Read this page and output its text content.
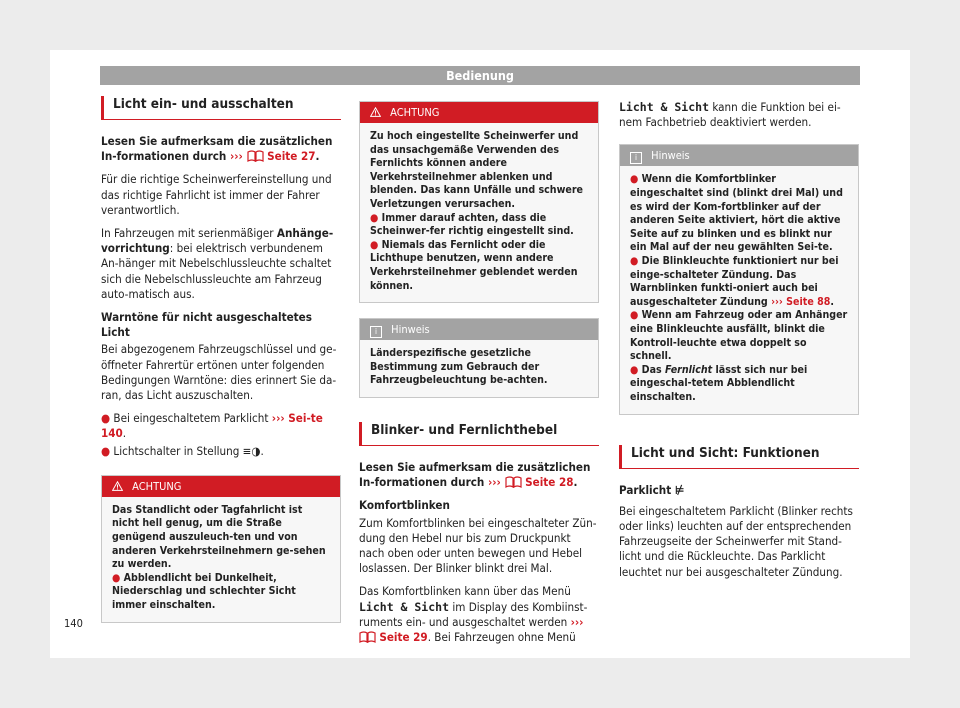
Bedienung
Licht ein- und ausschalten

Lesen Sie aufmerksam die zusätzlichen In-formationen durch ››› Seite 27.

Für die richtige Scheinwerfereinstellung und das richtige Fahrlicht ist immer der Fahrer verantwortlich.

In Fahrzeugen mit serienmäßiger Anhänge-vorrichtung: bei elektrisch verbundenem An-hänger mit Nebelschlussleuchte schaltet sich die Nebelschlussleuchte am Fahrzeug auto-matisch aus.

Warntöne für nicht ausgeschaltetes Licht

Bei abgezogenem Fahrzeugschlüssel und ge-öffneter Fahrertür ertönen unter folgenden Bedingungen Warntöne: dies erinnert Sie da-ran, das Licht auszuschalten.

● Bei eingeschaltetem Parklicht ››› Sei-te 140.

● Lichtschalter in Stellung ≡◑.

ACHTUNG
Das Standlicht oder Tagfahrlicht ist nicht hell genug, um die Straße genügend auszuleuch-ten und von anderen Verkehrsteilnehmern ge-sehen zu werden.
● Abblendlicht bei Dunkelheit, Niederschlag und schlechter Sicht immer einschalten.
ACHTUNG
Zu hoch eingestellte Scheinwerfer und das unsachgemäße Verwenden des Fernlichts können andere Verkehrsteilnehmer ablenken und blenden. Das kann Unfälle und schwere Verletzungen verursachen.
● Immer darauf achten, dass die Scheinwer-fer richtig eingestellt sind.
● Niemals das Fernlicht oder die Lichthupe benutzen, wenn andere Verkehrsteilnehmer geblendet werden können.
i Hinweis
Länderspezifische gesetzliche Bestimmung zum Gebrauch der Fahrzeugbeleuchtung be-achten.
Blinker- und Fernlichthebel

Lesen Sie aufmerksam die zusätzlichen In-formationen durch ››› Seite 28.

Komfortblinken

Zum Komfortblinken bei eingeschalteter Zün-dung den Hebel nur bis zum Druckpunkt nach oben oder unten bewegen und Hebel loslassen. Der Blinker blinkt drei Mal.

Das Komfortblinken kann über das Menü Licht & Sicht im Display des Kombiinst-ruments ein- und ausgeschaltet werden ›››  Seite 29. Bei Fahrzeugen ohne Menü

Licht & Sicht kann die Funktion bei ei-nem Fachbetrieb deaktiviert werden.

i Hinweis
● Wenn die Komfortblinker eingeschaltet sind (blinkt drei Mal) und es wird der Kom-fortblinker auf der anderen Seite aktiviert, hört die aktive Seite auf zu blinken und es blinkt nur ein Mal auf der neu gewählten Sei-te.
● Die Blinkleuchte funktioniert nur bei einge-schalteter Zündung. Das Warnblinken funkti-oniert auch bei ausgeschalteter Zündung ››› Seite 88.
● Wenn am Fahrzeug oder am Anhänger eine Blinkleuchte ausfällt, blinkt die Kontroll-leuchte etwa doppelt so schnell.
● Das Fernlicht lässt sich nur bei eingeschal-tetem Abblendlicht einschalten.
Licht und Sicht: Funktionen

Parklicht ⊭

Bei eingeschaltetem Parklicht (Blinker rechts oder links) leuchten auf der entsprechenden Fahrzeugseite der Scheinwerfer mit Stand-licht und die Rückleuchte. Das Parklicht leuchtet nur bei ausgeschalteter Zündung.

140
